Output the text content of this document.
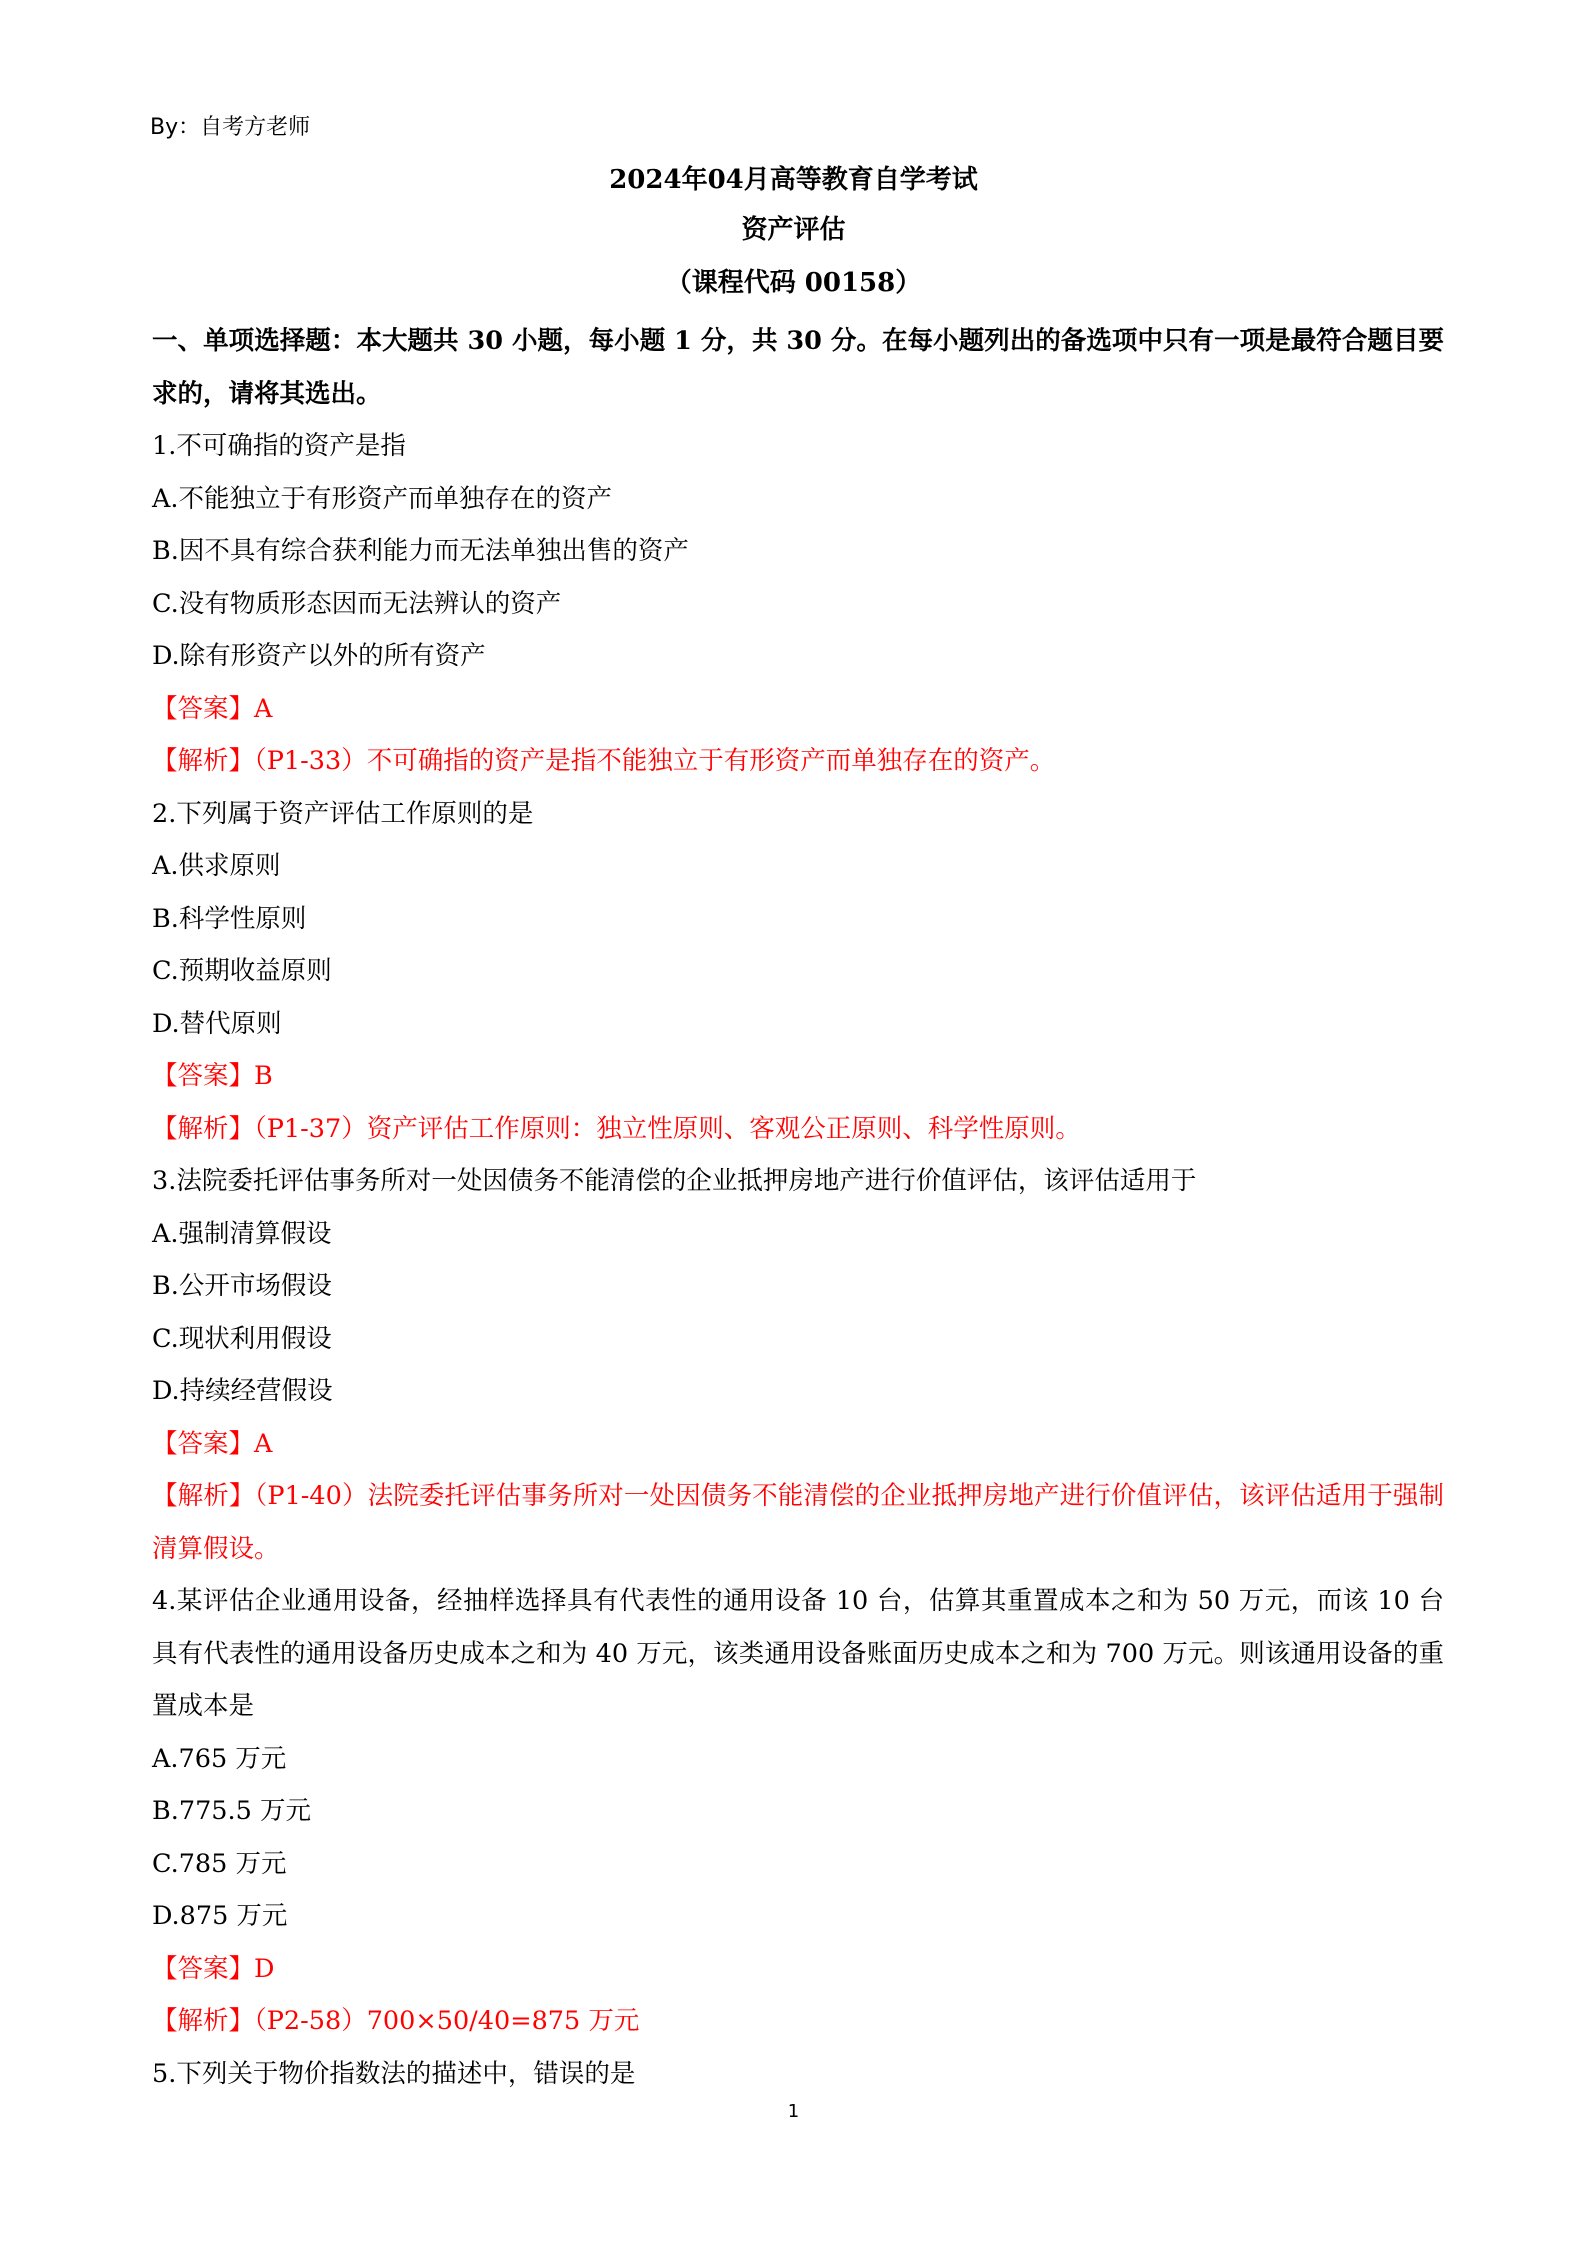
By：自考方老师
2024年04月高等教育自学考试
资产评估
（课程代码 00158）
一、单项选择题：本大题共 30 小题，每小题 1 分，共 30 分。在每小题列出的备选项中只有一项是最符合题目要求的，请将其选出。
1.不可确指的资产是指
A.不能独立于有形资产而单独存在的资产
B.因不具有综合获利能力而无法单独出售的资产
C.没有物质形态因而无法辨认的资产
D.除有形资产以外的所有资产
【答案】A
【解析】（P1-33）不可确指的资产是指不能独立于有形资产而单独存在的资产。
2.下列属于资产评估工作原则的是
A.供求原则
B.科学性原则
C.预期收益原则
D.替代原则
【答案】B
【解析】（P1-37）资产评估工作原则：独立性原则、客观公正原则、科学性原则。
3.法院委托评估事务所对一处因债务不能清偿的企业抵押房地产进行价值评估，该评估适用于
A.强制清算假设
B.公开市场假设
C.现状利用假设
D.持续经营假设
【答案】A
【解析】（P1-40）法院委托评估事务所对一处因债务不能清偿的企业抵押房地产进行价值评估，该评估适用于强制清算假设。
4.某评估企业通用设备，经抽样选择具有代表性的通用设备 10 台，估算其重置成本之和为 50 万元，而该 10 台具有代表性的通用设备历史成本之和为 40 万元，该类通用设备账面历史成本之和为 700 万元。则该通用设备的重置成本是
A.765 万元
B.775.5 万元
C.785 万元
D.875 万元
【答案】D
【解析】（P2-58）700×50/40=875 万元
5.下列关于物价指数法的描述中，错误的是
1
